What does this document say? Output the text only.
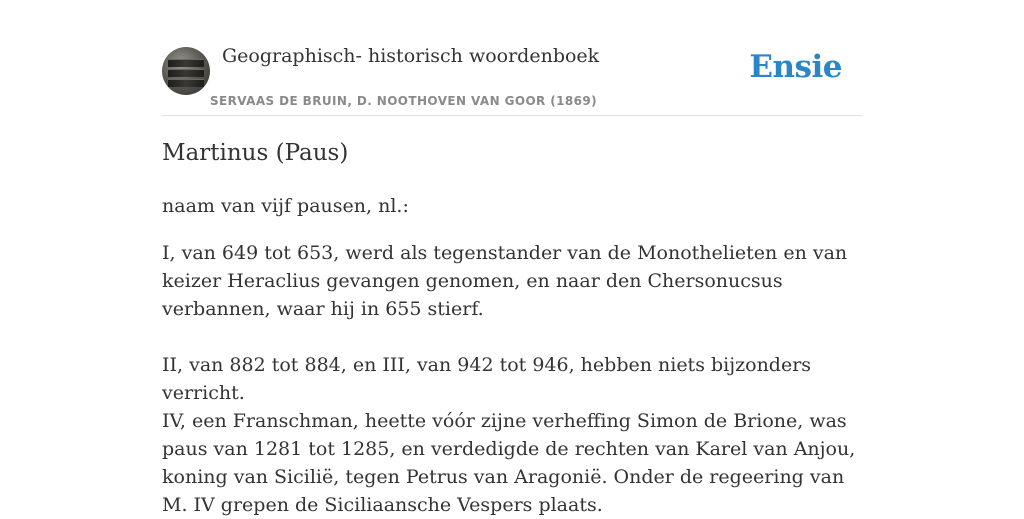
Geographisch- historisch woordenboek
SERVAAS DE BRUIN, D. NOOTHOVEN VAN GOOR (1869)
Ensie
Martinus (Paus)

naam van vijf pausen, nl.:

I, van 649 tot 653, werd als tegenstander van de Monothelieten en van keizer Heraclius gevangen genomen, en naar den Chersonucsus verbannen, waar hij in 655 stierf.

II, van 882 tot 884, en III, van 942 tot 946, hebben niets bijzonders verricht.

IV, een Franschman, heette vóór zijne verheffing Simon de Brione, was paus van 1281 tot 1285, en verdedigde de rechten van Karel van Anjou, koning van Sicilië, tegen Petrus van Aragonië. Onder de regeering van M. IV grepen de Siciliaansche Vespers plaats.
